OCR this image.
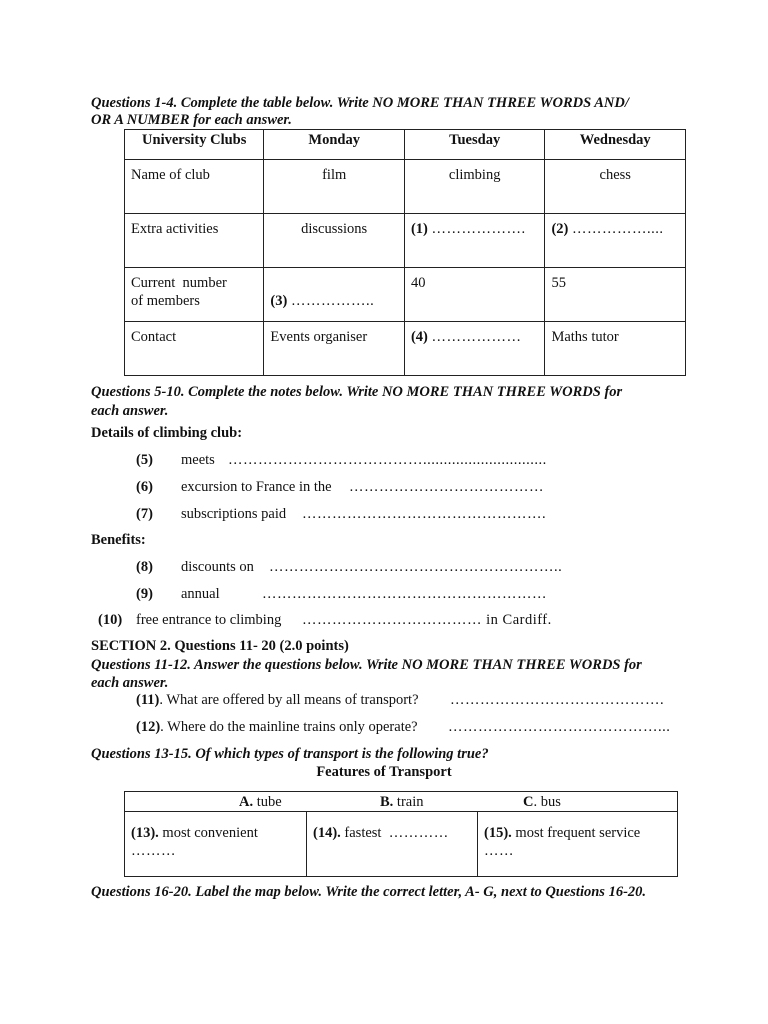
Questions 1-4. Complete the table below. Write NO MORE THAN THREE WORDS AND/
OR A NUMBER for each answer.
University Clubs	Monday	Tuesday	Wednesday
Name of club	film	climbing	chess
Extra activities	discussions	(1) ……………….	(2) ……………....
Current  number
of members	(3) ……………..	40	55
Contact	Events organiser	(4) ………………	Maths tutor
Questions 5-10. Complete the notes below. Write NO MORE THAN THREE WORDS for
each answer.
Details of climbing club:
(5) meets …………………………………..............................
(6) excursion to France in the …………………………………
(7) subscriptions paid ………………………………………….
Benefits:
(8) discounts on …………………………………………………..
(9) annual	…………………………………………………
(10) free entrance to climbing ……………………………… in Cardiff.
SECTION 2. Questions 11- 20 (2.0 points)
Questions 11-12. Answer the questions below. Write NO MORE THAN THREE WORDS for
each answer.
(11). What are offered by all means of transport? …………………………………….
(12). Where do the mainline trains only operate? ……………………………………...
Questions 13-15. Of which types of transport is the following true?
Features of Transport
A. tube	B. train	C. bus

(13). most convenient
………	(14). fastest …………	(15). most frequent service
……
Questions 16-20. Label the map below. Write the correct letter, A- G, next to Questions 16-20.
